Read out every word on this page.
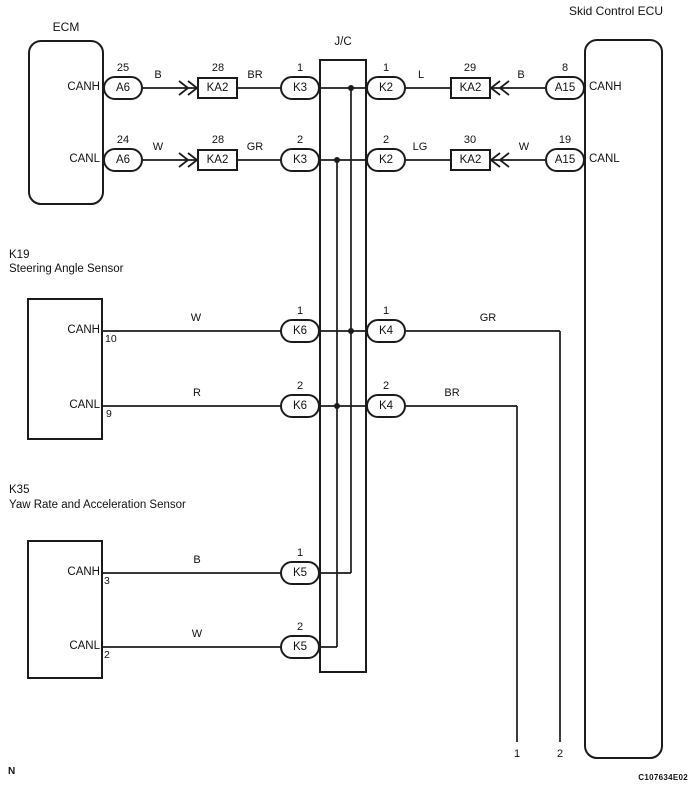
ECM
Skid Control ECU
J/C
K19
Steering Angle Sensor
K35
Yaw Rate and Acceleration Sensor
CANH
CANL
25
A6
24
A6
B
W
BR
GR
28
KA2
28
KA2
1
K3
2
K3
1
K2
2
K2
L
LG
B
W
29
KA2
30
KA2
8
A15
19
A15
CANH
CANL
CANH
10
CANL
9
W
R
1
K6
2
K6
1
K4
2
K4
GR
BR
1	2
CANH
3
CANL
2
B
W
1
K5
2
K5
N
C107634E02
